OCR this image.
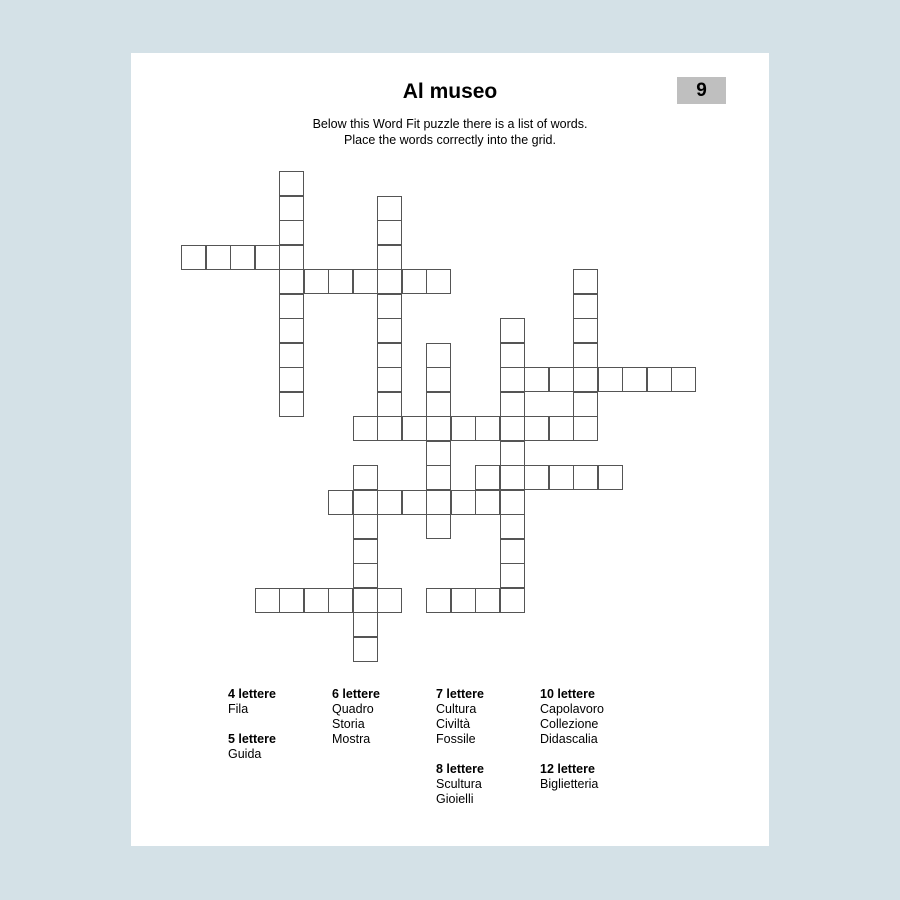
Al museo	9
Below this Word Fit puzzle there is a list of words.
Place the words correctly into the grid.
4 lettere
Fila
5 lettere
Guida
6 lettere
Quadro
Storia
Mostra
7 lettere
Cultura
Civiltà
Fossile
8 lettere
Scultura
Gioielli
10 lettere
Capolavoro
Collezione
Didascalia
12 lettere
Biglietteria
